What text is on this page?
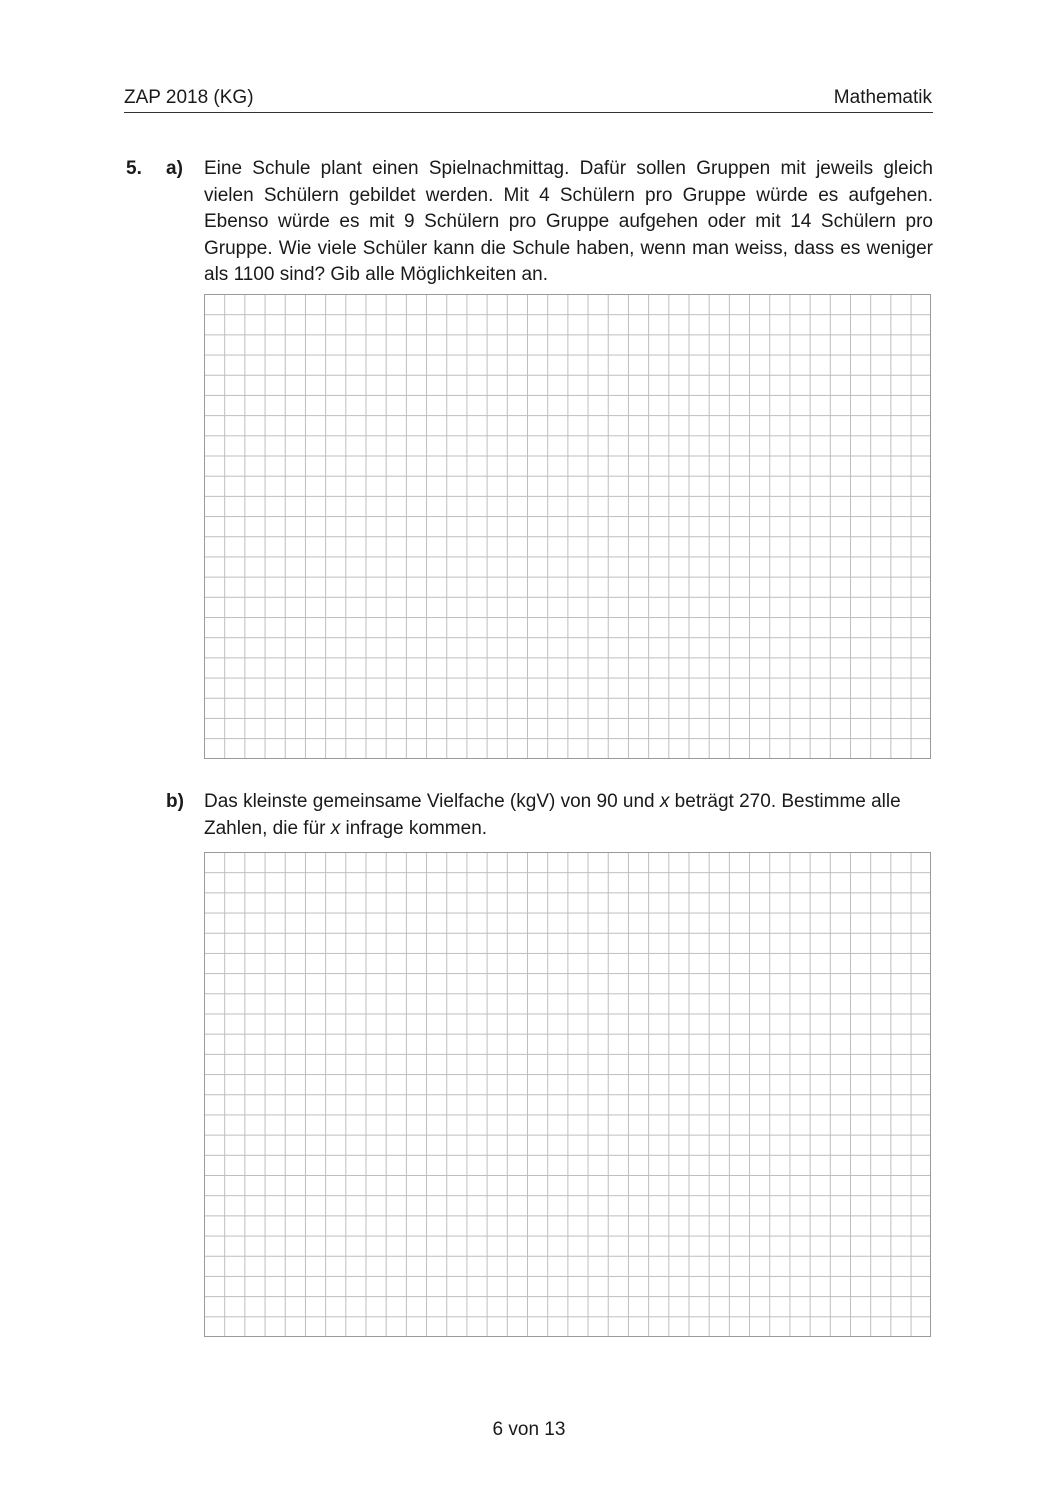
ZAP 2018 (KG)	Mathematik
5. a) Eine Schule plant einen Spielnachmittag. Dafür sollen Gruppen mit jeweils gleich vielen Schülern gebildet werden. Mit 4 Schülern pro Gruppe würde es aufgehen. Ebenso würde es mit 9 Schülern pro Gruppe aufgehen oder mit 14 Schülern pro Gruppe. Wie viele Schüler kann die Schule haben, wenn man weiss, dass es weniger als 1100 sind? Gib alle Möglichkeiten an.
b) Das kleinste gemeinsame Vielfache (kgV) von 90 und x beträgt 270. Bestimme alle Zahlen, die für x infrage kommen.
6 von 13
